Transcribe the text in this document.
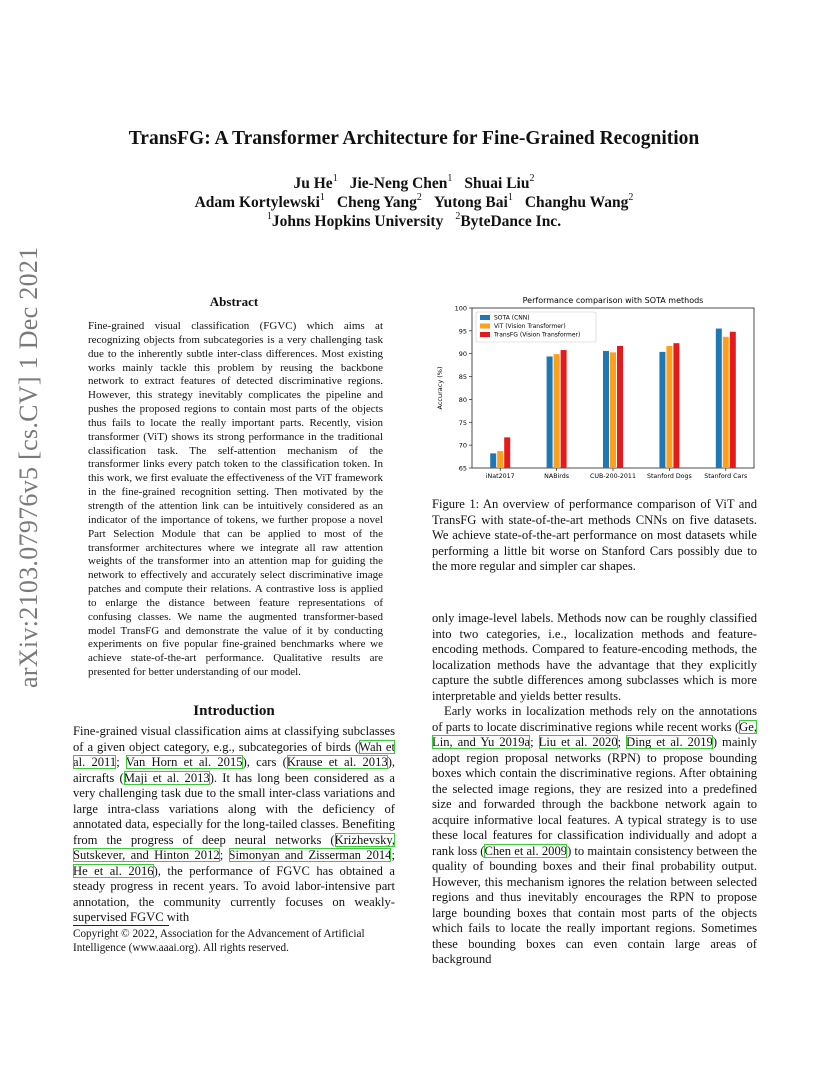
arXiv:2103.07976v5 [cs.CV] 1 Dec 2021
TransFG: A Transformer Architecture for Fine-Grained Recognition
Ju He$^1$ Jie-Neng Chen$^1$ Shuai Liu$^2$
Adam Kortylewski$^1$ Cheng Yang$^2$ Yutong Bai$^1$ Changhu Wang$^2$
$^1$Johns Hopkins University $^2$ByteDance Inc.
Abstract
Fine-grained visual classification (FGVC) which aims at recognizing objects from subcategories is a very challenging task due to the inherently subtle inter-class differences. Most existing works mainly tackle this problem by reusing the backbone network to extract features of detected discriminative regions. However, this strategy inevitably complicates the pipeline and pushes the proposed regions to contain most parts of the objects thus fails to locate the really important parts. Recently, vision transformer (ViT) shows its strong performance in the traditional classification task. The self-attention mechanism of the transformer links every patch token to the classification token. In this work, we first evaluate the effectiveness of the ViT framework in the fine-grained recognition setting. Then motivated by the strength of the attention link can be intuitively considered as an indicator of the importance of tokens, we further propose a novel Part Selection Module that can be applied to most of the transformer architectures where we integrate all raw attention weights of the transformer into an attention map for guiding the network to effectively and accurately select discriminative image patches and compute their relations. A contrastive loss is applied to enlarge the distance between feature representations of confusing classes. We name the augmented transformer-based model TransFG and demonstrate the value of it by conducting experiments on five popular fine-grained benchmarks where we achieve state-of-the-art performance. Qualitative results are presented for better understanding of our model.
Introduction

Fine-grained visual classification aims at classifying subclasses of a given object category, e.g., subcategories of birds (Wah et al. 2011; Van Horn et al. 2015), cars (Krause et al. 2013), aircrafts (Maji et al. 2013). It has long been considered as a very challenging task due to the small inter-class variations and large intra-class variations along with the deficiency of annotated data, especially for the long-tailed classes. Benefiting from the progress of deep neural networks (Krizhevsky, Sutskever, and Hinton 2012; Simonyan and Zisserman 2014; He et al. 2016), the performance of FGVC has obtained a steady progress in recent years. To avoid labor-intensive part annotation, the community currently focuses on weakly-supervised FGVC with

Copyright © 2022, Association for the Advancement of Artificial Intelligence (www.aaai.org). All rights reserved.
Performance comparison with SOTA methods
65
70
75
80
85
90
95
100
Accuracy (%)
iNat2017	NABirds	CUB-200-2011 Stanford Dogs Stanford Cars
SOTA (CNN)
ViT (Vision Transformer)
TransFG (Vision Transformer)
Figure 1: An overview of performance comparison of ViT and TransFG with state-of-the-art methods CNNs on five datasets. We achieve state-of-the-art performance on most datasets while performing a little bit worse on Stanford Cars possibly due to the more regular and simpler car shapes.

only image-level labels. Methods now can be roughly classified into two categories, i.e., localization methods and feature-encoding methods. Compared to feature-encoding methods, the localization methods have the advantage that they explicitly capture the subtle differences among subclasses which is more interpretable and yields better results.

Early works in localization methods rely on the annotations of parts to locate discriminative regions while recent works (Ge, Lin, and Yu 2019a; Liu et al. 2020; Ding et al. 2019) mainly adopt region proposal networks (RPN) to propose bounding boxes which contain the discriminative regions. After obtaining the selected image regions, they are resized into a predefined size and forwarded through the backbone network again to acquire informative local features. A typical strategy is to use these local features for classification individually and adopt a rank loss (Chen et al. 2009) to maintain consistency between the quality of bounding boxes and their final probability output. However, this mechanism ignores the relation between selected regions and thus inevitably encourages the RPN to propose large bounding boxes that contain most parts of the objects which fails to locate the really important regions. Sometimes these bounding boxes can even contain large areas of background
